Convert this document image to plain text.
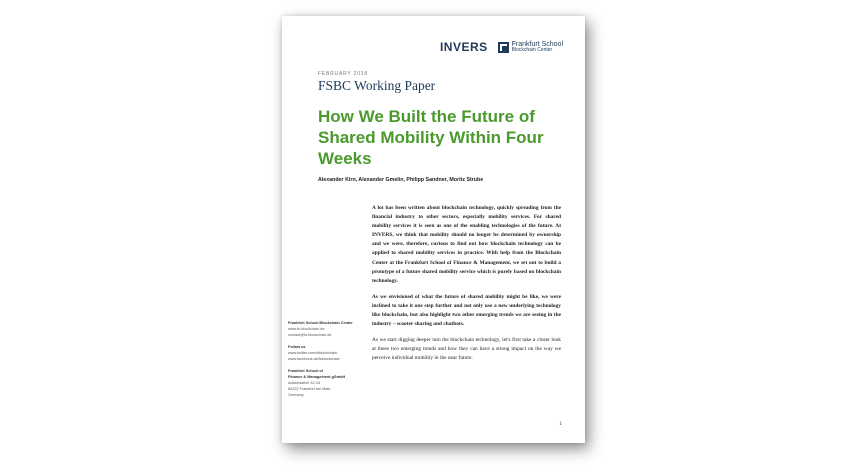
INVERS	Frankfurt School
Blockchain Center
FEBRUARY 2018
FSBC Working Paper
How We Built the Future of Shared Mobility Within Four Weeks
Alexander Kirn, Alexander Gmelin, Philipp Sandner, Moritz Strube

A lot has been written about blockchain technology, quickly spreading from the financial industry to other sectors, especially mobility services. For shared mobility services it is seen as one of the enabling technologies of the future. At INVERS, we think that mobility should no longer be determined by ownership and we were, therefore, curious to find out how blockchain technology can be applied to shared mobility services in practice. With help from the Blockchain Center at the Frankfurt School of Finance & Management, we set out to build a prototype of a future shared mobility service which is purely based on blockchain technology.

As we envisioned of what the future of shared mobility might be like, we were inclined to take it one step further and not only use a new underlying technology like blockchain, but also highlight two other emerging trends we are seeing in the industry – scooter sharing and chatbots.

As we start digging deeper into the blockchain technology, let's first take a closer look at these two emerging trends and how they can have a strong impact on the way we perceive individual mobility in the near future.

Frankfurt School Blockchain Center
www.fs-blockchain.de
contact@fs-blockchain.de
Follow us
www.twitter.com/fsblockchain
www.facebook.de/fsblockchain
Frankfurt School of
Finance & Management gGmbH
Adickesallee 32-34
60322 Frankfurt am Main
Germany
1
